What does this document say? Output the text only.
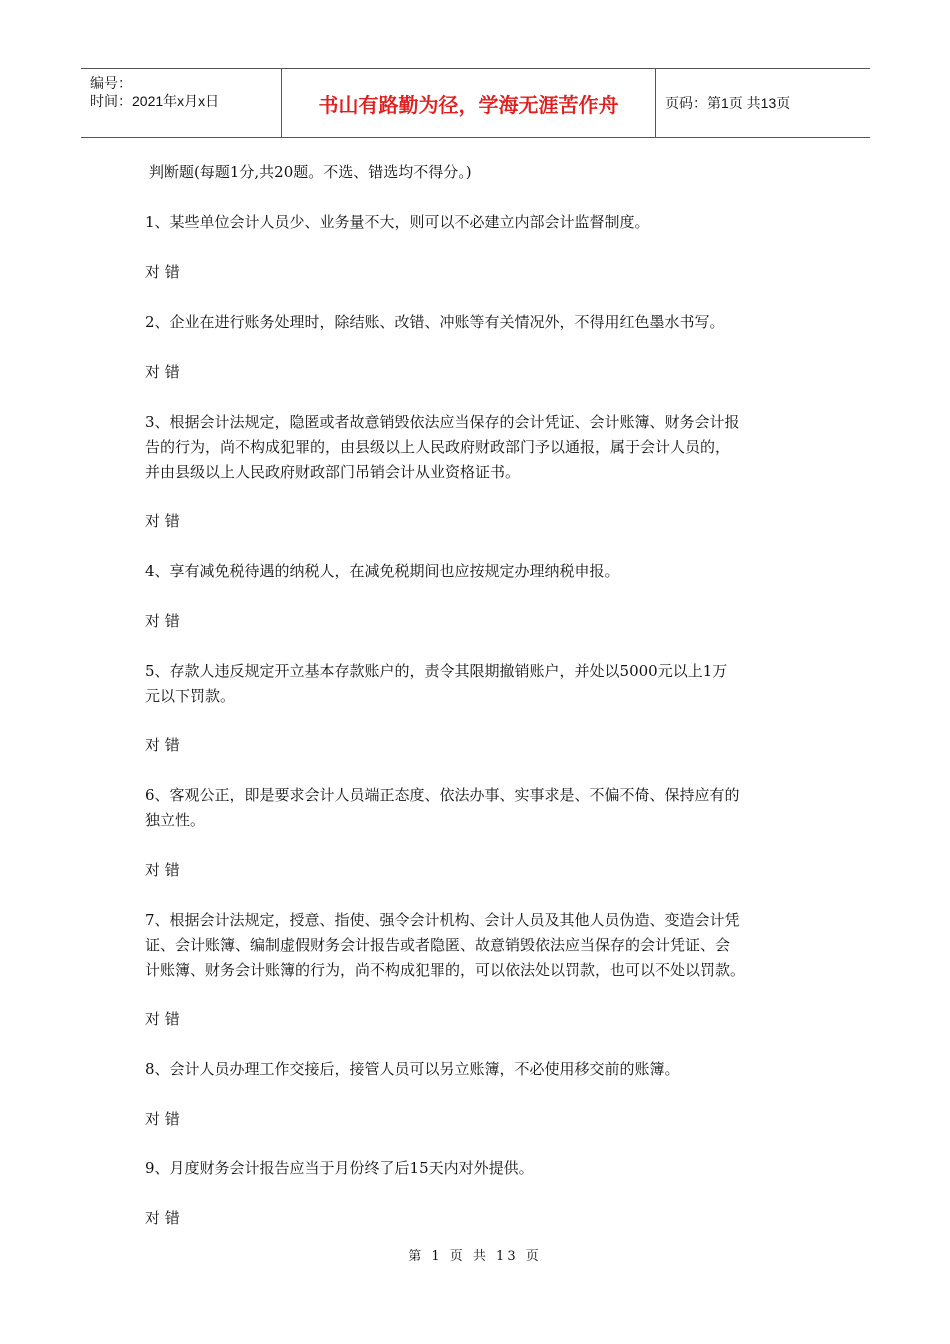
编号：
时间：2021年x月x日	书山有路勤为径，学海无涯苦作舟	页码：第1页 共13页
判断题(每题1分,共20题。不选、错选均不得分。)
1、某些单位会计人员少、业务量不大，则可以不必建立内部会计监督制度。
对 错
2、企业在进行账务处理时，除结账、改错、冲账等有关情况外，不得用红色墨水书写。
对 错
3、根据会计法规定，隐匿或者故意销毁依法应当保存的会计凭证、会计账簿、财务会计报
告的行为，尚不构成犯罪的，由县级以上人民政府财政部门予以通报，属于会计人员的，
并由县级以上人民政府财政部门吊销会计从业资格证书。
对 错
4、享有减免税待遇的纳税人，在减免税期间也应按规定办理纳税申报。
对 错
5、存款人违反规定开立基本存款账户的，责令其限期撤销账户，并处以5000元以上1万
元以下罚款。
对 错
6、客观公正，即是要求会计人员端正态度、依法办事、实事求是、不偏不倚、保持应有的
独立性。
对 错
7、根据会计法规定，授意、指使、强令会计机构、会计人员及其他人员伪造、变造会计凭
证、会计账簿、编制虚假财务会计报告或者隐匿、故意销毁依法应当保存的会计凭证、会
计账簿、财务会计账簿的行为，尚不构成犯罪的，可以依法处以罚款，也可以不处以罚款。
对 错
8、会计人员办理工作交接后，接管人员可以另立账簿，不必使用移交前的账簿。
对 错
9、月度财务会计报告应当于月份终了后15天内对外提供。
对 错
第 1 页 共 13 页
